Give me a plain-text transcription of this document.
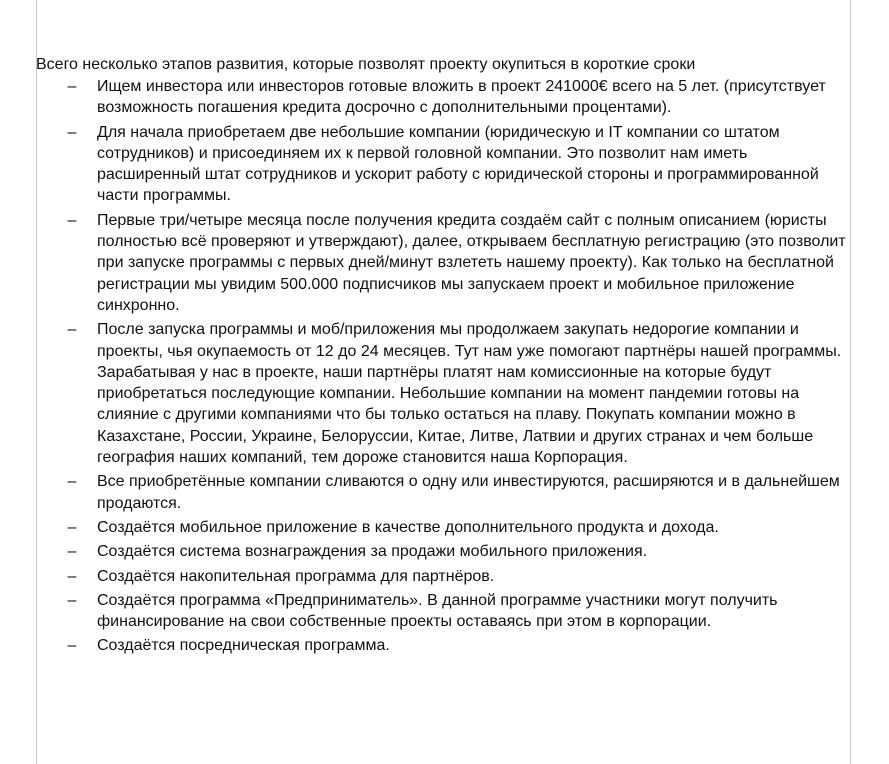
Всего несколько этапов развития, которые позволят проекту окупиться в короткие сроки
– Ищем инвестора или инвесторов готовые вложить в проект 241000€ всего на 5 лет. (присутствует возможность погашения кредита досрочно с дополнительными процентами).
– Для начала приобретаем две небольшие компании (юридическую и IT компании со штатом сотрудников) и присоединяем их к первой головной компании. Это позволит нам иметь расширенный штат сотрудников и ускорит работу с юридической стороны и программированной части программы.
– Первые три/четыре месяца после получения кредита создаём сайт с полным описанием (юристы полностью всё проверяют и утверждают), далее, открываем бесплатную регистрацию (это позволит при запуске программы с первых дней/минут взлететь нашему проекту). Как только на бесплатной регистрации мы увидим 500.000 подписчиков мы запускаем проект и мобильное приложение синхронно.
– После запуска программы и моб/приложения мы продолжаем закупать недорогие компании и проекты, чья окупаемость от 12 до 24 месяцев. Тут нам уже помогают партнёры нашей программы. Зарабатывая у нас в проекте, наши партнёры платят нам комиссионные на которые будут приобретаться последующие компании. Небольшие компании на момент пандемии готовы на слияние с другими компаниями что бы только остаться на плаву. Покупать компании можно в Казахстане, России, Украине, Белоруссии, Китае, Литве, Латвии и других странах и чем больше география наших компаний, тем дороже становится наша Корпорация.
– Все приобретённые компании сливаются о одну или инвестируются, расширяются и в дальнейшем продаются.
– Создаётся мобильное приложение в качестве дополнительного продукта и дохода.
– Создаётся система вознаграждения за продажи мобильного приложения.
– Создаётся накопительная программа для партнёров.
– Создаётся программа «Предприниматель». В данной программе участники могут получить финансирование на свои собственные проекты оставаясь при этом в корпорации.
– Создаётся посредническая программа.
